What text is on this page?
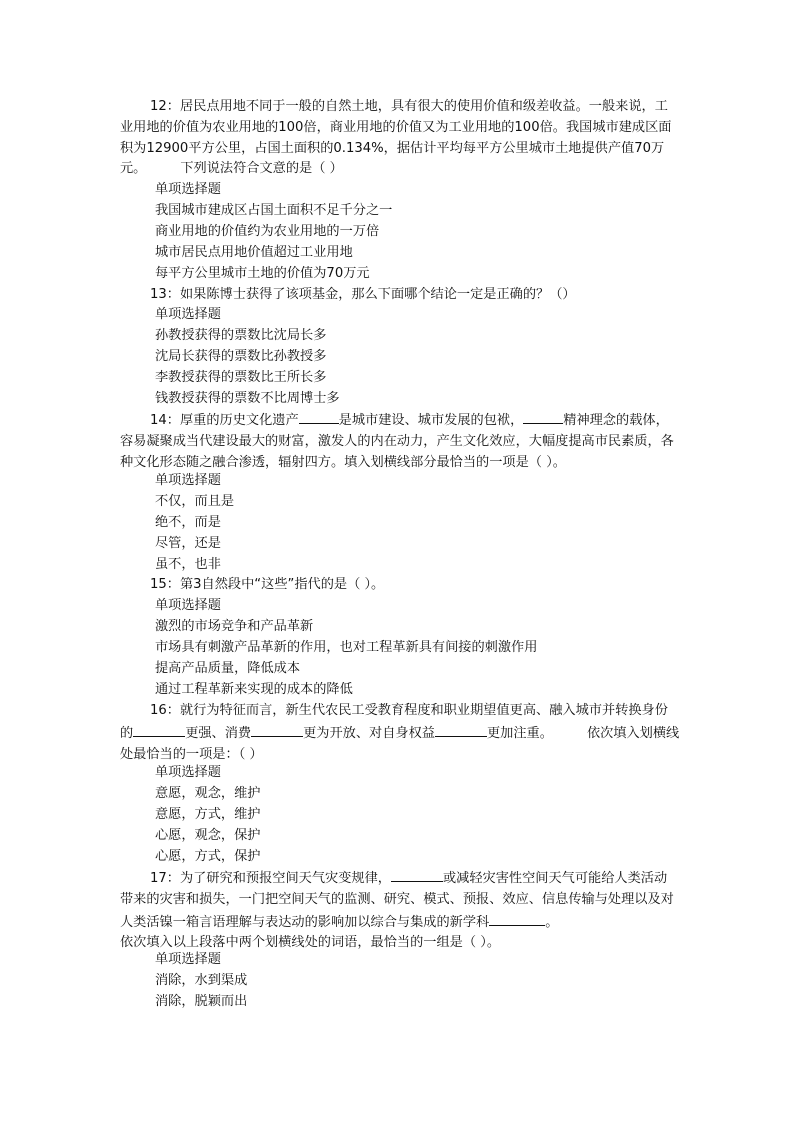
12：居民点用地不同于一般的自然土地，具有很大的使用价值和级差收益。一般来说，工业用地的价值为农业用地的100倍，商业用地的价值又为工业用地的100倍。我国城市建成区面积为12900平方公里，占国土面积的0.134%，据估计平均每平方公里城市土地提供产值70万元。	下列说法符合文意的是（ ）

单项选择题
我国城市建成区占国土面积不足千分之一
商业用地的价值约为农业用地的一万倍
城市居民点用地价值超过工业用地
每平方公里城市土地的价值为70万元

13：如果陈博士获得了该项基金，那么下面哪个结论一定是正确的？（）

单项选择题
孙教授获得的票数比沈局长多
沈局长获得的票数比孙教授多
李教授获得的票数比王所长多
钱教授获得的票数不比周博士多

14：厚重的历史文化遗产	是城市建设、城市发展的包袱，	精神理念的载体，容易凝聚成当代建设最大的财富，激发人的内在动力，产生文化效应，大幅度提高市民素质，各种文化形态随之融合渗透，辐射四方。填入划横线部分最恰当的一项是（ ）。

单项选择题
不仅，而且是
绝不，而是
尽管，还是
虽不，也非

15：第3自然段中“这些”指代的是（ ）。

单项选择题
激烈的市场竞争和产品革新
市场具有刺激产品革新的作用，也对工程革新具有间接的刺激作用
提高产品质量，降低成本
通过工程革新来实现的成本的降低

16：就行为特征而言，新生代农民工受教育程度和职业期望值更高、融入城市并转换身份的	更强、消费	更为开放、对自身权益	更加注重。	依次填入划横线处最恰当的一项是：（ ）

单项选择题
意愿，观念，维护
意愿，方式，维护
心愿，观念，保护
心愿，方式，保护

17：为了研究和预报空间天气灾变规律，	或减轻灾害性空间天气可能给人类活动带来的灾害和损失，一门把空间天气的监测、研究、模式、预报、效应、信息传输与处理以及对人类活镍一箱言语理解与表达动的影响加以综合与集成的新学科	。

依次填入以上段落中两个划横线处的词语，最恰当的一组是（ ）。

单项选择题
消除，水到渠成
消除，脱颖而出
